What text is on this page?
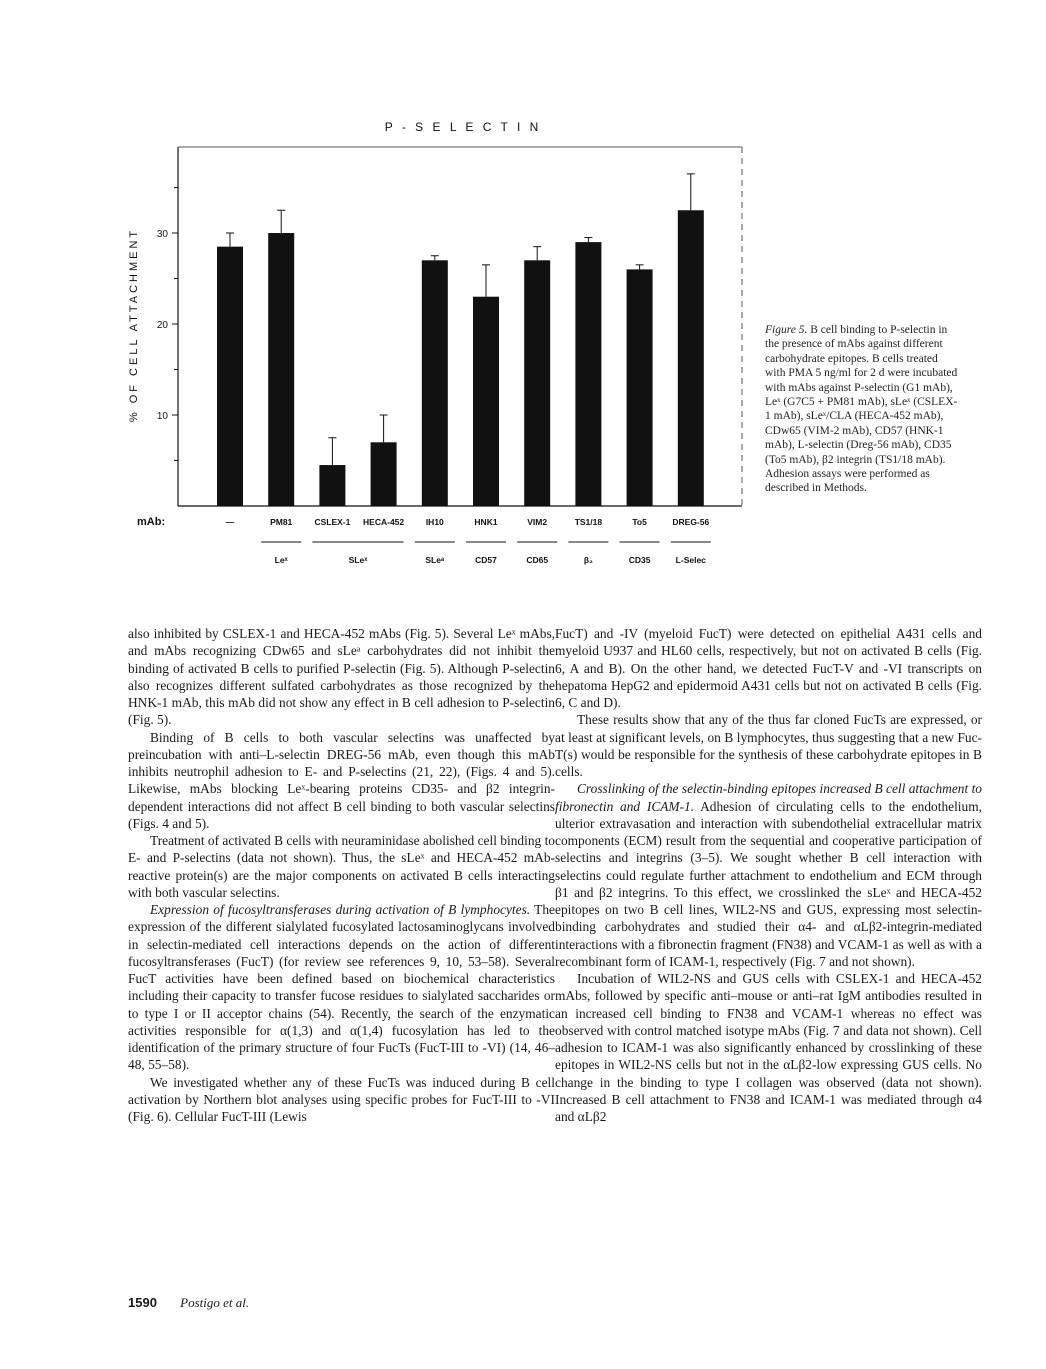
P - S E L E C T I N
% OF CELL ATTACHMENT
mAb:
10
20
30
—	PM81	CSLEX-1 HECA-452	IH10	HNK1	VIM2	TS1/18	To5	DREG-56
Leˣ	SLeˣ	SLeᵃ	CD57	CD65	β₂	CD35	L-Selec
Figure 5. B cell binding to P-selectin in the presence of mAbs against different carbohydrate epitopes. B cells treated with PMA 5 ng/ml for 2 d were incubated with mAbs against P-selectin (G1 mAb), Leˣ (G7C5 + PM81 mAb), sLeˣ (CSLEX-1 mAb), sLeˣ/CLA (HECA-452 mAb), CDw65 (VIM-2 mAb), CD57 (HNK-1 mAb), L-selectin (Dreg-56 mAb), CD35 (To5 mAb), β2 integrin (TS1/18 mAb). Adhesion assays were performed as described in Methods.

also inhibited by CSLEX-1 and HECA-452 mAbs (Fig. 5). Several Leˣ mAbs, and mAbs recognizing CDw65 and sLeᵃ carbohydrates did not inhibit the binding of activated B cells to purified P-selectin (Fig. 5). Although P-selectin also recognizes different sulfated carbohydrates as those recognized by the HNK-1 mAb, this mAb did not show any effect in B cell adhesion to P-selectin (Fig. 5).

Binding of B cells to both vascular selectins was unaffected by preincubation with anti–L-selectin DREG-56 mAb, even though this mAb inhibits neutrophil adhesion to E- and P-selectins (21, 22), (Figs. 4 and 5). Likewise, mAbs blocking Leˣ-bearing proteins CD35- and β2 integrin-dependent interactions did not affect B cell binding to both vascular selectins (Figs. 4 and 5).

Treatment of activated B cells with neuraminidase abolished cell binding to E- and P-selectins (data not shown). Thus, the sLeˣ and HECA-452 mAb-reactive protein(s) are the major components on activated B cells interacting with both vascular selectins.

Expression of fucosyltransferases during activation of B lymphocytes. The expression of the different sialylated fucosylated lactosaminoglycans involved in selectin-mediated cell interactions depends on the action of different fucosyltransferases (FucT) (for review see references 9, 10, 53–58). Several FucT activities have been defined based on biochemical characteristics including their capacity to transfer fucose residues to sialylated saccharides or to type I or II acceptor chains (54). Recently, the search of the enzymatic activities responsible for α(1,3) and α(1,4) fucosylation has led to the identification of the primary structure of four FucTs (FucT-III to -VI) (14, 46–48, 55–58).

We investigated whether any of these FucTs was induced during B cell activation by Northern blot analyses using specific probes for FucT-III to -VI (Fig. 6). Cellular FucT-III (Lewis

FucT) and -IV (myeloid FucT) were detected on epithelial A431 cells and myeloid U937 and HL60 cells, respectively, but not on activated B cells (Fig. 6, A and B). On the other hand, we detected FucT-V and -VI transcripts on hepatoma HepG2 and epidermoid A431 cells but not on activated B cells (Fig. 6, C and D).

These results show that any of the thus far cloned FucTs are expressed, or at least at significant levels, on B lymphocytes, thus suggesting that a new Fuc-T(s) would be responsible for the synthesis of these carbohydrate epitopes in B cells.

Crosslinking of the selectin-binding epitopes increased B cell attachment to fibronectin and ICAM-1. Adhesion of circulating cells to the endothelium, ulterior extravasation and interaction with subendothelial extracellular matrix components (ECM) result from the sequential and cooperative participation of selectins and integrins (3–5). We sought whether B cell interaction with selectins could regulate further attachment to endothelium and ECM through β1 and β2 integrins. To this effect, we crosslinked the sLeˣ and HECA-452 epitopes on two B cell lines, WIL2-NS and GUS, expressing most selectin-binding carbohydrates and studied their α4- and αLβ2-integrin-mediated interactions with a fibronectin fragment (FN38) and VCAM-1 as well as with a recombinant form of ICAM-1, respectively (Fig. 7 and not shown).

Incubation of WIL2-NS and GUS cells with CSLEX-1 and HECA-452 mAbs, followed by specific anti–mouse or anti–rat IgM antibodies resulted in an increased cell binding to FN38 and VCAM-1 whereas no effect was observed with control matched isotype mAbs (Fig. 7 and data not shown). Cell adhesion to ICAM-1 was also significantly enhanced by crosslinking of these epitopes in WIL2-NS cells but not in the αLβ2-low expressing GUS cells. No change in the binding to type I collagen was observed (data not shown). Increased B cell attachment to FN38 and ICAM-1 was mediated through α4 and αLβ2

1590 Postigo et al.
